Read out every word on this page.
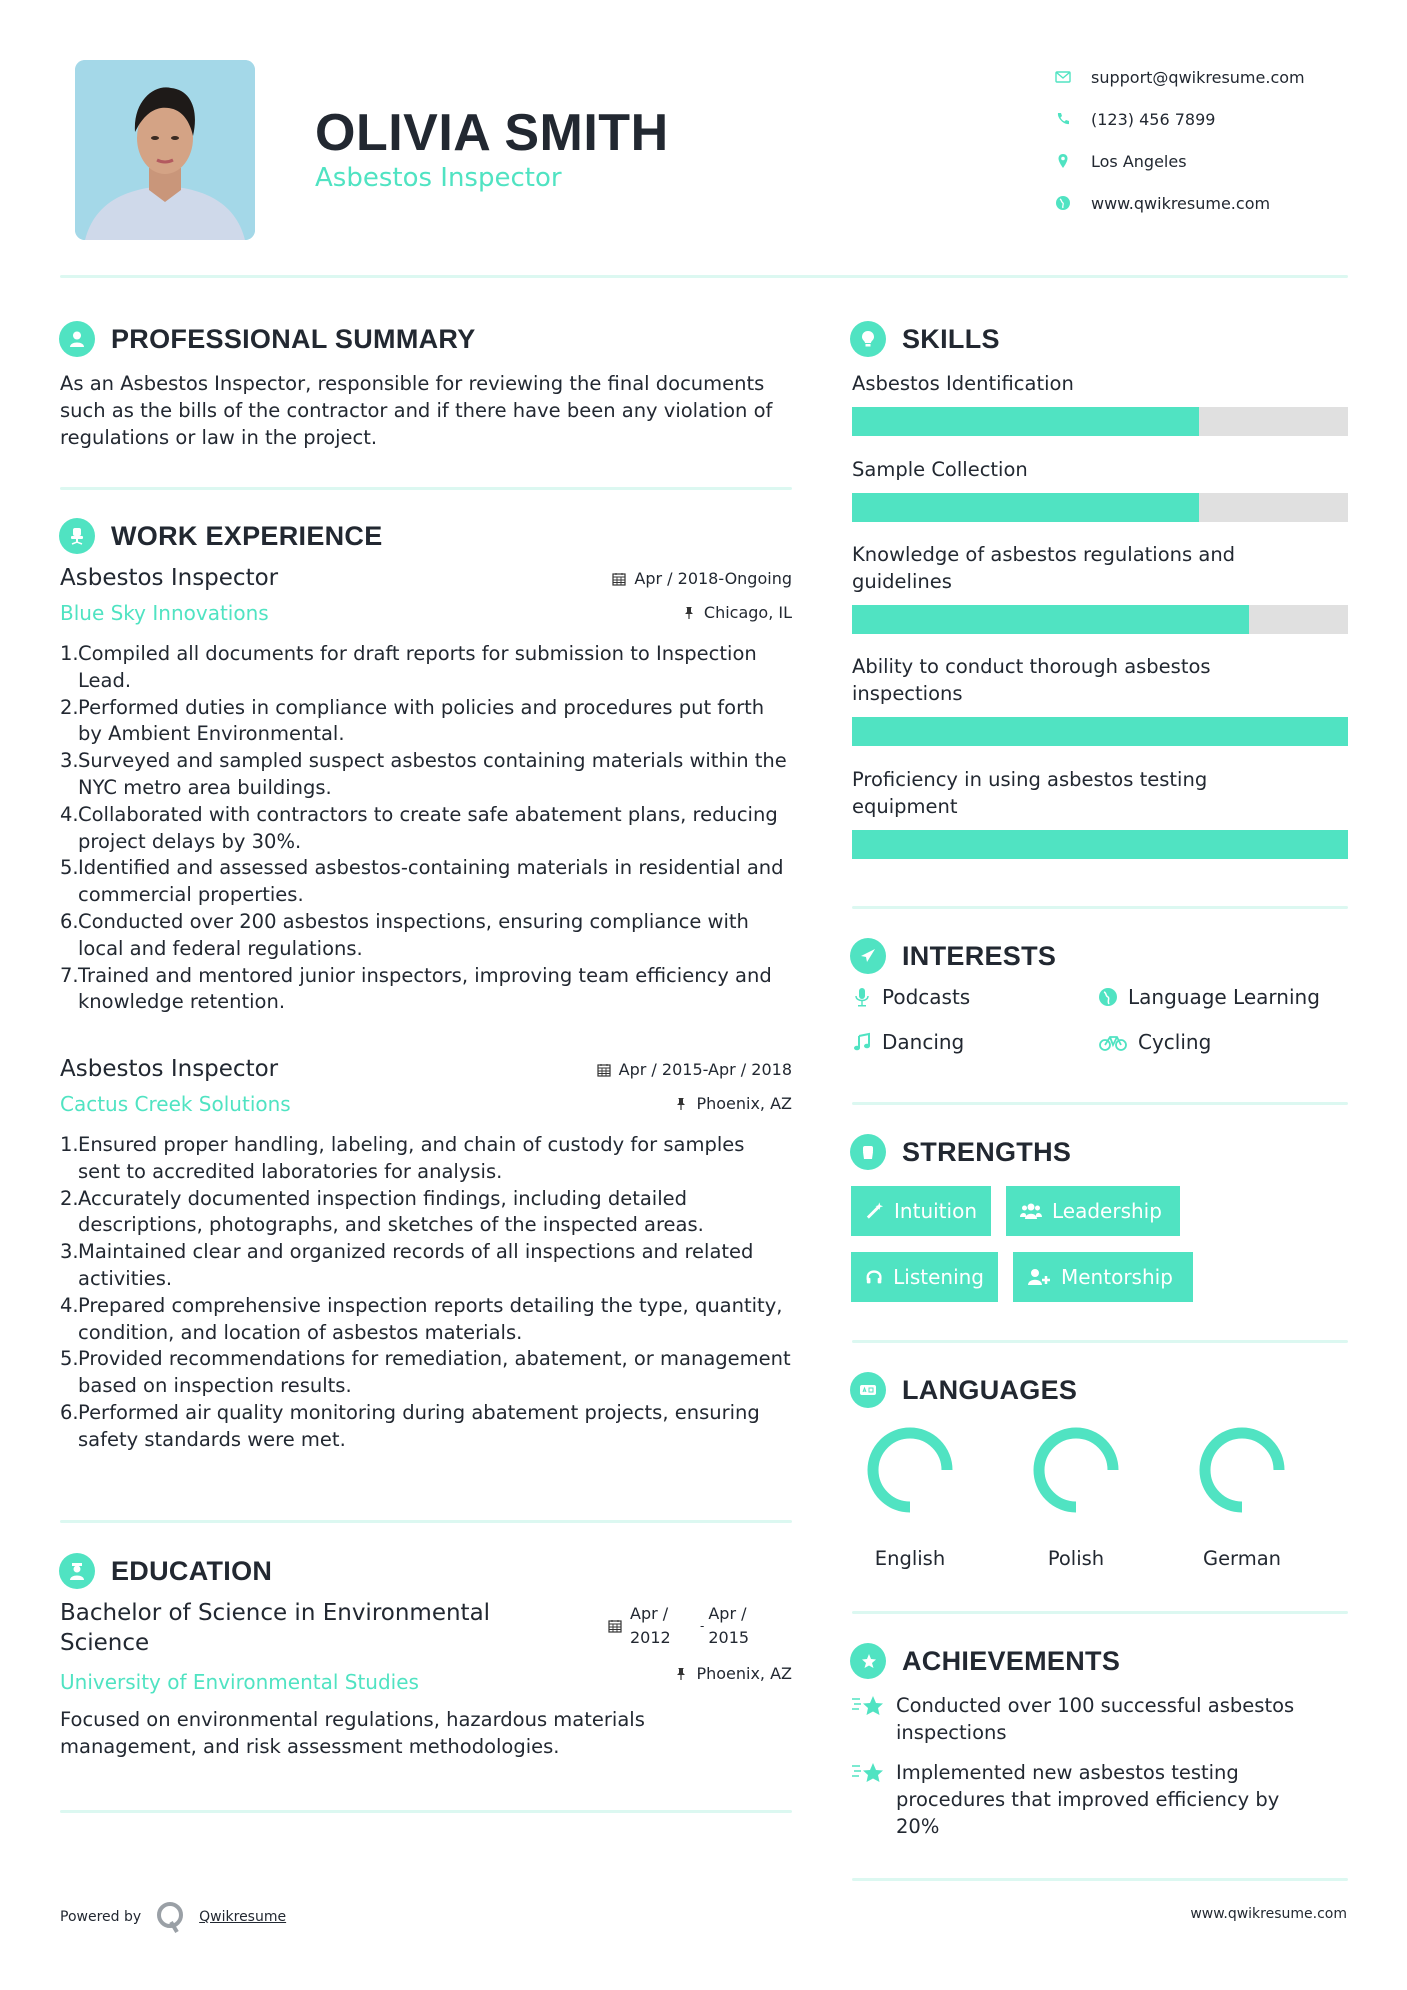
OLIVIA SMITH
Asbestos Inspector
support@qwikresume.com
(123) 456 7899
Los Angeles
www.qwikresume.com
PROFESSIONAL SUMMARY
As an Asbestos Inspector, responsible for reviewing the final documents such as the bills of the contractor and if there have been any violation of regulations or law in the project.
WORK EXPERIENCE
Asbestos Inspector
Blue Sky Innovations
Apr / 2018-Ongoing
Chicago, IL
1.Compiled all documents for draft reports for submission to Inspection Lead.
2.Performed duties in compliance with policies and procedures put forth by Ambient Environmental.
3.Surveyed and sampled suspect asbestos containing materials within the NYC metro area buildings.
4.Collaborated with contractors to create safe abatement plans, reducing project delays by 30%.
5.Identified and assessed asbestos-containing materials in residential and commercial properties.
6.Conducted over 200 asbestos inspections, ensuring compliance with local and federal regulations.
7.Trained and mentored junior inspectors, improving team efficiency and knowledge retention.
Asbestos Inspector
Cactus Creek Solutions
Apr / 2015-Apr / 2018
Phoenix, AZ
1.Ensured proper handling, labeling, and chain of custody for samples sent to accredited laboratories for analysis.
2.Accurately documented inspection findings, including detailed descriptions, photographs, and sketches of the inspected areas.
3.Maintained clear and organized records of all inspections and related activities.
4.Prepared comprehensive inspection reports detailing the type, quantity, condition, and location of asbestos materials.
5.Provided recommendations for remediation, abatement, or management based on inspection results.
6.Performed air quality monitoring during abatement projects, ensuring safety standards were met.
EDUCATION
Bachelor of Science in Environmental Science
University of Environmental Studies
Focused on environmental regulations, hazardous materials management, and risk assessment methodologies.
Apr / 2012
-
Apr / 2015
Phoenix, AZ
SKILLS
Asbestos Identification
Sample Collection
Knowledge of asbestos regulations and guidelines
Ability to conduct thorough asbestos inspections
Proficiency in using asbestos testing equipment
INTERESTS
Podcasts	Language Learning
Dancing	Cycling
STRENGTHS
Intuition	Leadership
Listening	Mentorship
LANGUAGES
English	Polish	German
ACHIEVEMENTS
Conducted over 100 successful asbestos inspections
Implemented new asbestos testing procedures that improved efficiency by 20%
Powered by	Qwikresume	www.qwikresume.com
